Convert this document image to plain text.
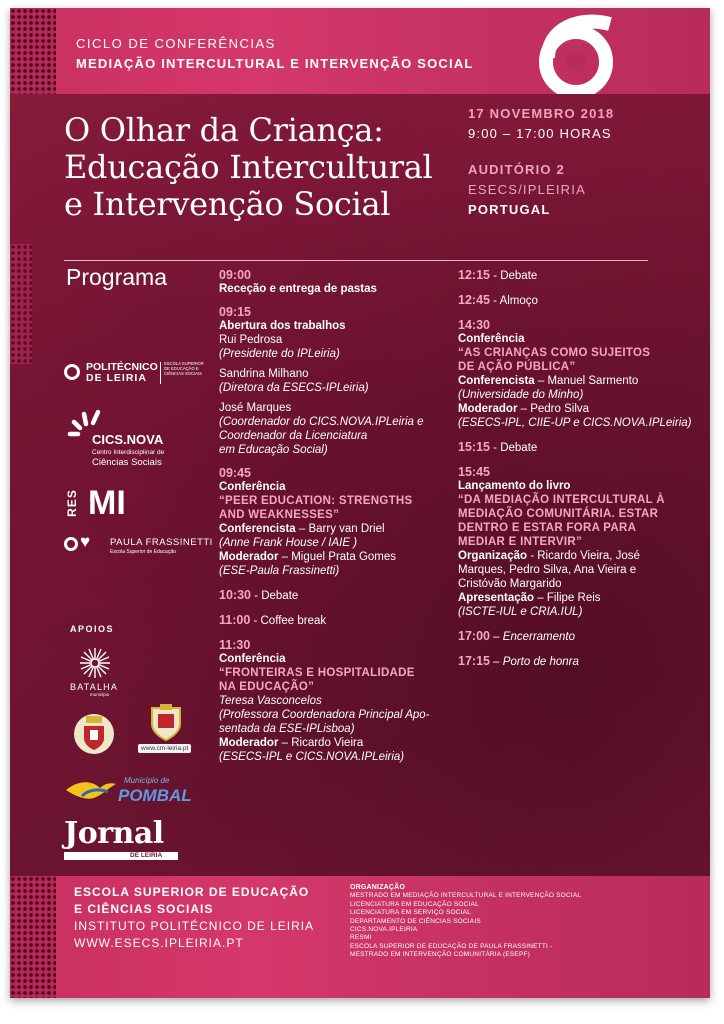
CICLO DE CONFERÊNCIAS
MEDIAÇÃO INTERCULTURAL E INTERVENÇÃO SOCIAL
O Olhar da Criança:
Educação Intercultural
e Intervenção Social
17 NOVEMBRO 2018
9:00 – 17:00 HORAS
AUDITÓRIO 2
ESECS/IPLEIRIA
PORTUGAL
Programa
POLITÉCNICO
DE LEIRIA
ESCOLA SUPERIOR DE EDUCAÇÃO E CIÊNCIAS SOCIAIS
CICS.NOVA
Centro Interdisciplinar de
Ciências Sociais
RES MI
♥ PAULA FRASSINETTI
Escola Superior de Educação
APOIOS
BATALHA
município
www.cm-leiria.pt
Município de
POMBAL
Jornal
DE LEIRIA
09:00
Receção e entrega de pastas
09:15
Abertura dos trabalhos
Rui Pedrosa
(Presidente do IPLeiria)
Sandrina Milhano
(Diretora da ESECS-IPLeiria)
José Marques
(Coordenador do CICS.NOVA.IPLeiria e
Coordenador da Licenciatura
em Educação Social)
09:45
Conferência
“PEER EDUCATION: STRENGTHS
AND WEAKNESSES”
Conferencista – Barry van Driel
(Anne Frank House / IAIE )
Moderador – Miguel Prata Gomes
(ESE-Paula Frassinetti)
10:30 - Debate
11:00 - Coffee break
11:30
Conferência
“FRONTEIRAS E HOSPITALIDADE
NA EDUCAÇÃO”
Teresa Vasconcelos
(Professora Coordenadora Principal Apo-
sentada da ESE-IPLisboa)
Moderador – Ricardo Vieira
(ESECS-IPL e CICS.NOVA.IPLeiria)
12:15 - Debate
12:45 - Almoço
14:30
Conferência
“AS CRIANÇAS COMO SUJEITOS
DE AÇÃO PÚBLICA”
Conferencista – Manuel Sarmento
(Universidade do Minho)
Moderador – Pedro Silva
(ESECS-IPL, CIIE-UP e CICS.NOVA.IPLeiria)
15:15 - Debate
15:45
Lançamento do livro
“DA MEDIAÇÃO INTERCULTURAL À
MEDIAÇÃO COMUNITÁRIA. ESTAR
DENTRO E ESTAR FORA PARA
MEDIAR E INTERVIR”
Organização - Ricardo Vieira, José
Marques, Pedro Silva, Ana Vieira e
Cristóvão Margarido
Apresentação – Filipe Reis
(ISCTE-IUL e CRIA.IUL)
17:00 – Encerramento
17:15 – Porto de honra
ESCOLA SUPERIOR DE EDUCAÇÃO
E CIÊNCIAS SOCIAIS
INSTITUTO POLITÉCNICO DE LEIRIA
WWW.ESECS.IPLEIRIA.PT
ORGANIZAÇÃO
MESTRADO EM MEDIAÇÃO INTERCULTURAL E INTERVENÇÃO SOCIAL
LICENCIATURA EM EDUCAÇÃO SOCIAL
LICENCIATURA EM SERVIÇO SOCIAL
DEPARTAMENTO DE CIÊNCIAS SOCIAIS
CICS.NOVA.IPLEIRIA
RESMI
ESCOLA SUPERIOR DE EDUCAÇÃO DE PAULA FRASSINETTI -
MESTRADO EM INTERVENÇÃO COMUNITÁRIA (ESEPF)
